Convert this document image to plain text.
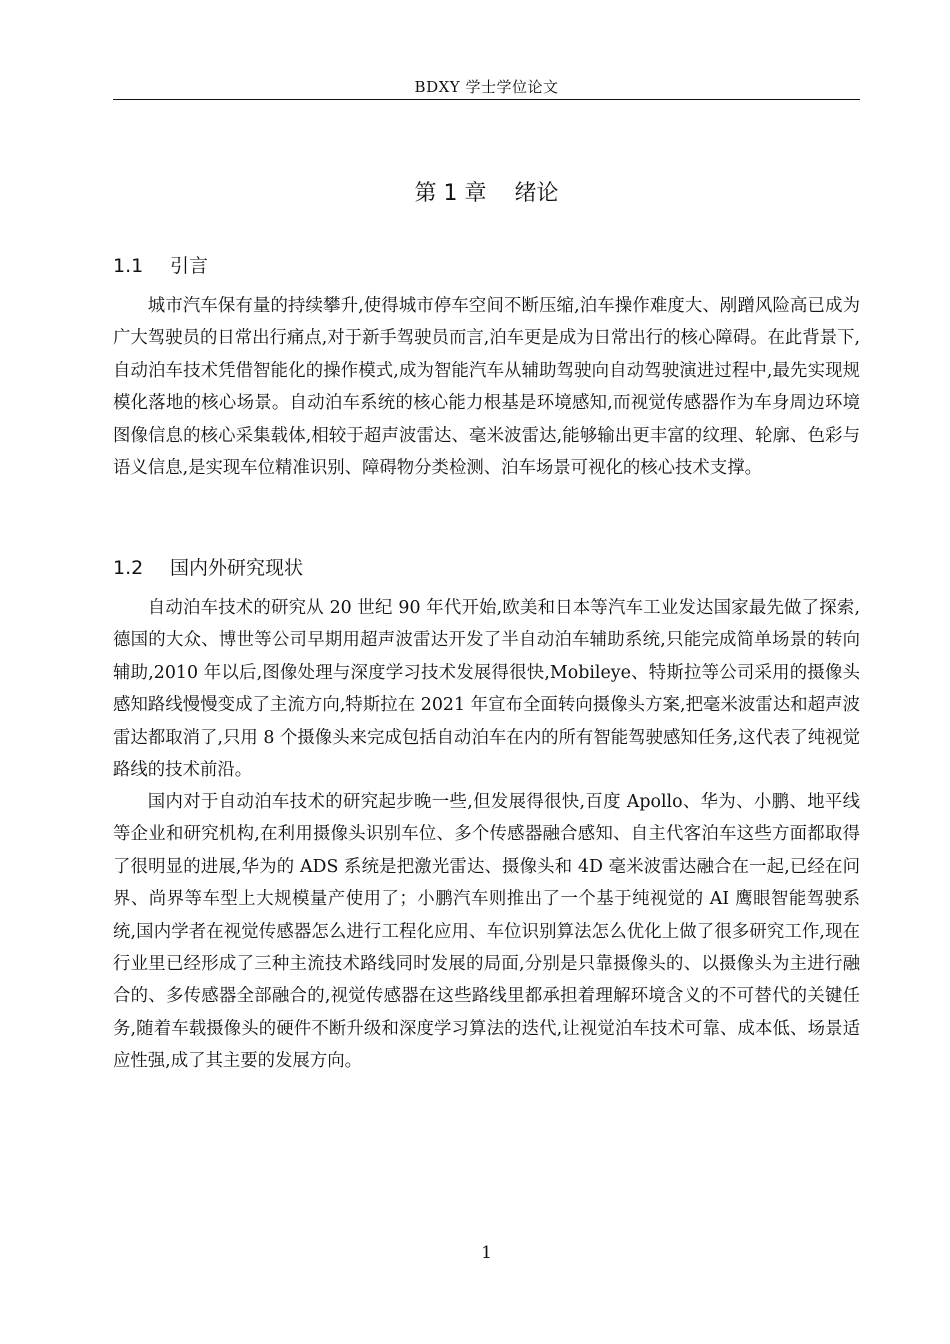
BDXY 学士学位论文
第 1 章    绪论
1.1 引言

城市汽车保有量的持续攀升,使得城市停车空间不断压缩,泊车操作难度大、剐蹭风险高已成为广大驾驶员的日常出行痛点,对于新手驾驶员而言,泊车更是成为日常出行的核心障碍。在此背景下,自动泊车技术凭借智能化的操作模式,成为智能汽车从辅助驾驶向自动驾驶演进过程中,最先实现规模化落地的核心场景。自动泊车系统的核心能力根基是环境感知,而视觉传感器作为车身周边环境图像信息的核心采集载体,相较于超声波雷达、毫米波雷达,能够输出更丰富的纹理、轮廓、色彩与语义信息,是实现车位精准识别、障碍物分类检测、泊车场景可视化的核心技术支撑。

1.2 国内外研究现状

自动泊车技术的研究从 20 世纪 90 年代开始,欧美和日本等汽车工业发达国家最先做了探索,德国的大众、博世等公司早期用超声波雷达开发了半自动泊车辅助系统,只能完成简单场景的转向辅助,2010 年以后,图像处理与深度学习技术发展得很快,Mobileye、特斯拉等公司采用的摄像头感知路线慢慢变成了主流方向,特斯拉在 2021 年宣布全面转向摄像头方案,把毫米波雷达和超声波雷达都取消了,只用 8 个摄像头来完成包括自动泊车在内的所有智能驾驶感知任务,这代表了纯视觉路线的技术前沿。

国内对于自动泊车技术的研究起步晚一些,但发展得很快,百度 Apollo、华为、小鹏、地平线等企业和研究机构,在利用摄像头识别车位、多个传感器融合感知、自主代客泊车这些方面都取得了很明显的进展,华为的 ADS 系统是把激光雷达、摄像头和 4D 毫米波雷达融合在一起,已经在问界、尚界等车型上大规模量产使用了；小鹏汽车则推出了一个基于纯视觉的 AI 鹰眼智能驾驶系统,国内学者在视觉传感器怎么进行工程化应用、车位识别算法怎么优化上做了很多研究工作,现在行业里已经形成了三种主流技术路线同时发展的局面,分别是只靠摄像头的、以摄像头为主进行融合的、多传感器全部融合的,视觉传感器在这些路线里都承担着理解环境含义的不可替代的关键任务,随着车载摄像头的硬件不断升级和深度学习算法的迭代,让视觉泊车技术可靠、成本低、场景适应性强,成了其主要的发展方向。

1
